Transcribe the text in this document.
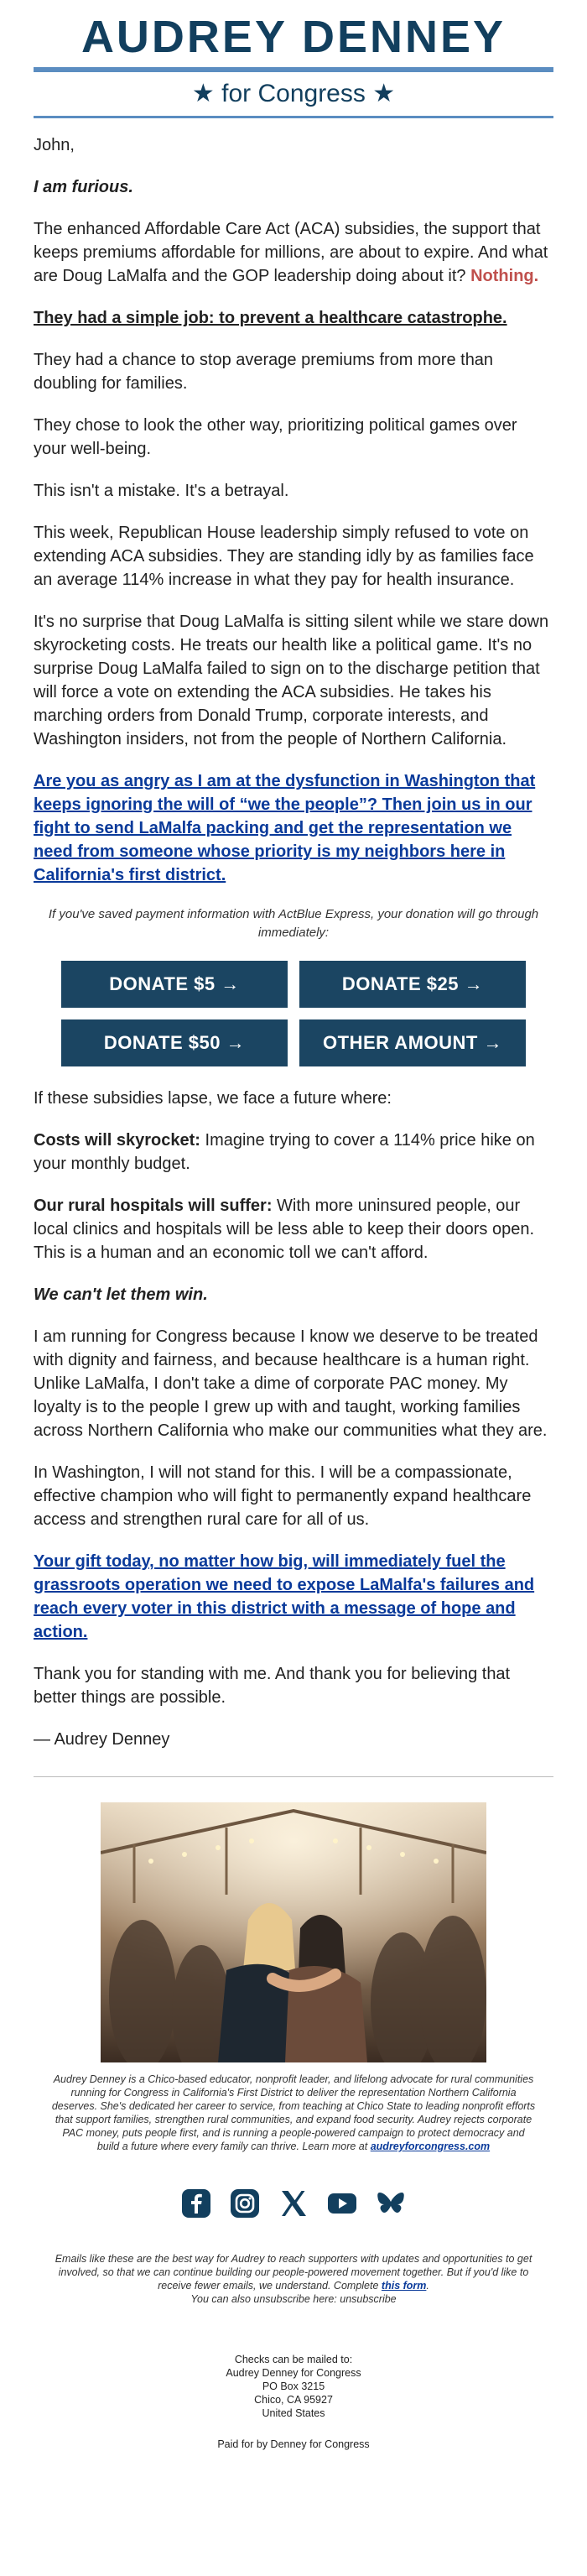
AUDREY DENNEY
★ for Congress ★

John,

I am furious.

The enhanced Affordable Care Act (ACA) subsidies, the support that keeps premiums affordable for millions, are about to expire. And what are Doug LaMalfa and the GOP leadership doing about it? Nothing.

They had a simple job: to prevent a healthcare catastrophe.

They had a chance to stop average premiums from more than doubling for families.

They chose to look the other way, prioritizing political games over your well-being.

This isn't a mistake. It's a betrayal.

This week, Republican House leadership simply refused to vote on extending ACA subsidies. They are standing idly by as families face an average 114% increase in what they pay for health insurance.

It's no surprise that Doug LaMalfa is sitting silent while we stare down skyrocketing costs. He treats our health like a political game. It's no surprise Doug LaMalfa failed to sign on to the discharge petition that will force a vote on extending the ACA subsidies. He takes his marching orders from Donald Trump, corporate interests, and Washington insiders, not from the people of Northern California.

Are you as angry as I am at the dysfunction in Washington that keeps ignoring the will of “we the people”? Then join us in our fight to send LaMalfa packing and get the representation we need from someone whose priority is my neighbors here in California's first district.

If you've saved payment information with ActBlue Express, your donation will go through immediately:

DONATE $5 →	DONATE $25 →
DONATE $50 →	OTHER AMOUNT →

If these subsidies lapse, we face a future where:

Costs will skyrocket: Imagine trying to cover a 114% price hike on your monthly budget.

Our rural hospitals will suffer: With more uninsured people, our local clinics and hospitals will be less able to keep their doors open. This is a human and an economic toll we can't afford.

We can't let them win.

I am running for Congress because I know we deserve to be treated with dignity and fairness, and because healthcare is a human right. Unlike LaMalfa, I don't take a dime of corporate PAC money. My loyalty is to the people I grew up with and taught, working families across Northern California who make our communities what they are.

In Washington, I will not stand for this. I will be a compassionate, effective champion who will fight to permanently expand healthcare access and strengthen rural care for all of us.

Your gift today, no matter how big, will immediately fuel the grassroots operation we need to expose LaMalfa's failures and reach every voter in this district with a message of hope and action.

Thank you for standing with me. And thank you for believing that better things are possible.

— Audrey Denney

Audrey Denney is a Chico-based educator, nonprofit leader, and lifelong advocate for rural communities running for Congress in California's First District to deliver the representation Northern California deserves. She's dedicated her career to service, from teaching at Chico State to leading nonprofit efforts that support families, strengthen rural communities, and expand food security. Audrey rejects corporate PAC money, puts people first, and is running a people-powered campaign to protect democracy and build a future where every family can thrive. Learn more at audreyforcongress.com

Emails like these are the best way for Audrey to reach supporters with updates and opportunities to get involved, so that we can continue building our people-powered movement together. But if you'd like to receive fewer emails, we understand. Complete this form.
You can also unsubscribe here: unsubscribe

Checks can be mailed to:
Audrey Denney for Congress
PO Box 3215
Chico, CA 95927
United States
Paid for by Denney for Congress
